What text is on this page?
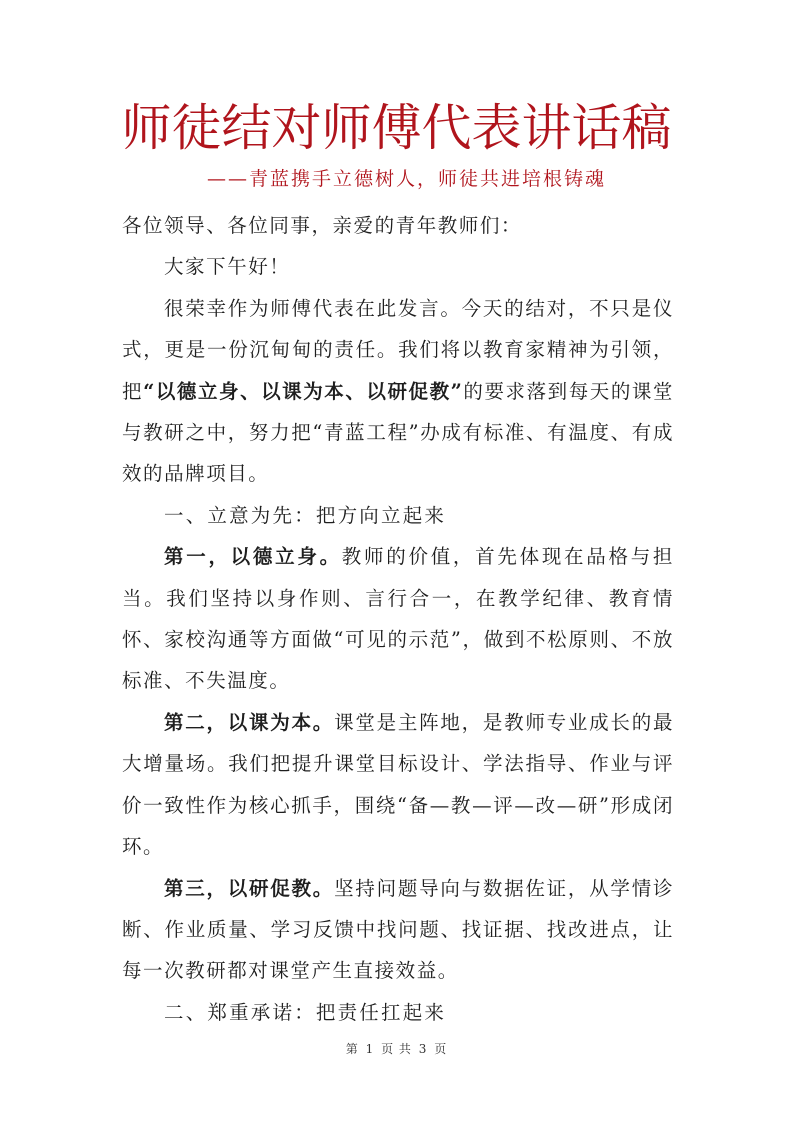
师徒结对师傅代表讲话稿
——青蓝携手立德树人，师徒共进培根铸魂

各位领导、各位同事，亲爱的青年教师们：

大家下午好！

很荣幸作为师傅代表在此发言。今天的结对，不只是仪式，更是一份沉甸甸的责任。我们将以教育家精神为引领，把“以德立身、以课为本、以研促教”的要求落到每天的课堂与教研之中，努力把“青蓝工程”办成有标准、有温度、有成效的品牌项目。

一、立意为先：把方向立起来

第一，以德立身。教师的价值，首先体现在品格与担当。我们坚持以身作则、言行合一，在教学纪律、教育情怀、家校沟通等方面做“可见的示范”，做到不松原则、不放标准、不失温度。

第二，以课为本。课堂是主阵地，是教师专业成长的最大增量场。我们把提升课堂目标设计、学法指导、作业与评价一致性作为核心抓手，围绕“备—教—评—改—研”形成闭环。

第三，以研促教。坚持问题导向与数据佐证，从学情诊断、作业质量、学习反馈中找问题、找证据、找改进点，让每一次教研都对课堂产生直接效益。

二、郑重承诺：把责任扛起来

第 1 页 共 3 页
